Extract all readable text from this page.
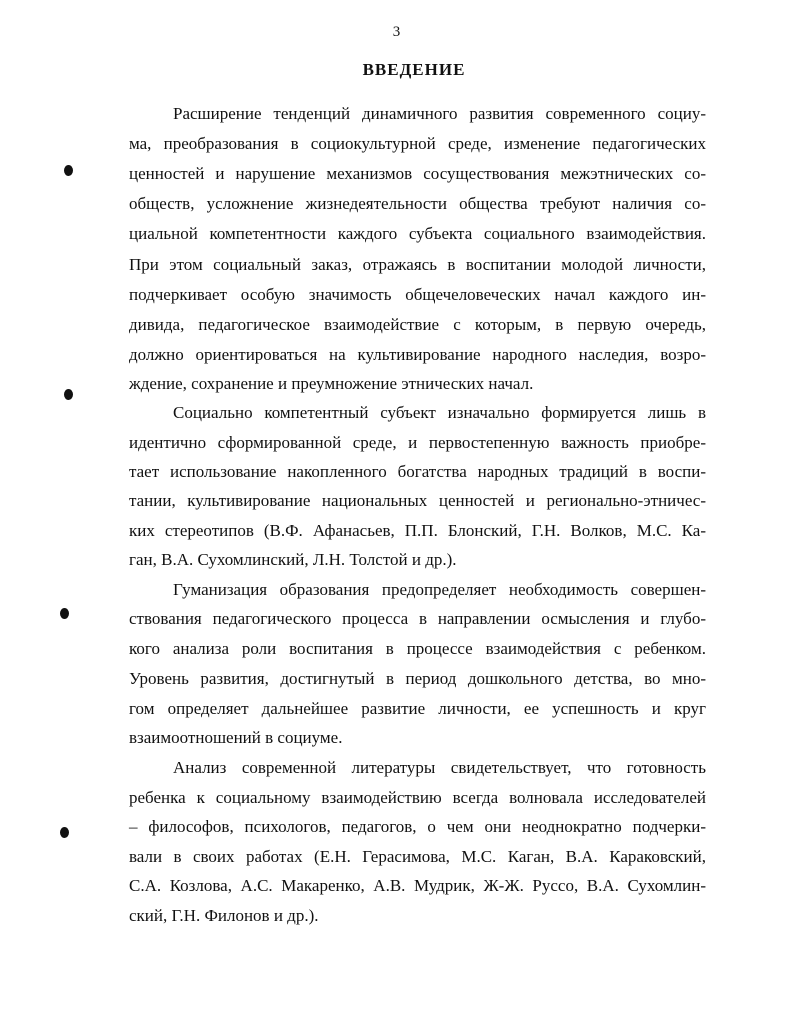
3
ВВЕДЕНИЕ
Расширение тенденций динамичного развития современного социу-
ма, преобразования в социокультурной среде, изменение педагогических
ценностей и нарушение механизмов сосуществования межэтнических со-
обществ, усложнение жизнедеятельности общества требуют наличия со-
циальной компетентности каждого субъекта социального взаимодействия.
При этом социальный заказ, отражаясь в воспитании молодой личности,
подчеркивает особую значимость общечеловеческих начал каждого ин-
дивида, педагогическое взаимодействие с которым, в первую очередь,
должно ориентироваться на культивирование народного наследия, возро-
ждение, сохранение и преумножение этнических начал.
Социально компетентный субъект изначально формируется лишь в
идентично сформированной среде, и первостепенную важность приобре-
тает использование накопленного богатства народных традиций в воспи-
тании, культивирование национальных ценностей и регионально-этничес-
ких стереотипов (В.Ф. Афанасьев, П.П. Блонский, Г.Н. Волков, М.С. Ка-
ган, В.А. Сухомлинский, Л.Н. Толстой и др.).
Гуманизация образования предопределяет необходимость совершен-
ствования педагогического процесса в направлении осмысления и глубо-
кого анализа роли воспитания в процессе взаимодействия с ребенком.
Уровень развития, достигнутый в период дошкольного детства, во мно-
гом определяет дальнейшее развитие личности, ее успешность и круг
взаимоотношений в социуме.
Анализ современной литературы свидетельствует, что готовность
ребенка к социальному взаимодействию всегда волновала исследователей
– философов, психологов, педагогов, о чем они неоднократно подчерки-
вали в своих работах (Е.Н. Герасимова, М.С. Каган, В.А. Караковский,
С.А. Козлова, А.С. Макаренко, А.В. Мудрик, Ж-Ж. Руссо, В.А. Сухомлин-
ский, Г.Н. Филонов и др.).
